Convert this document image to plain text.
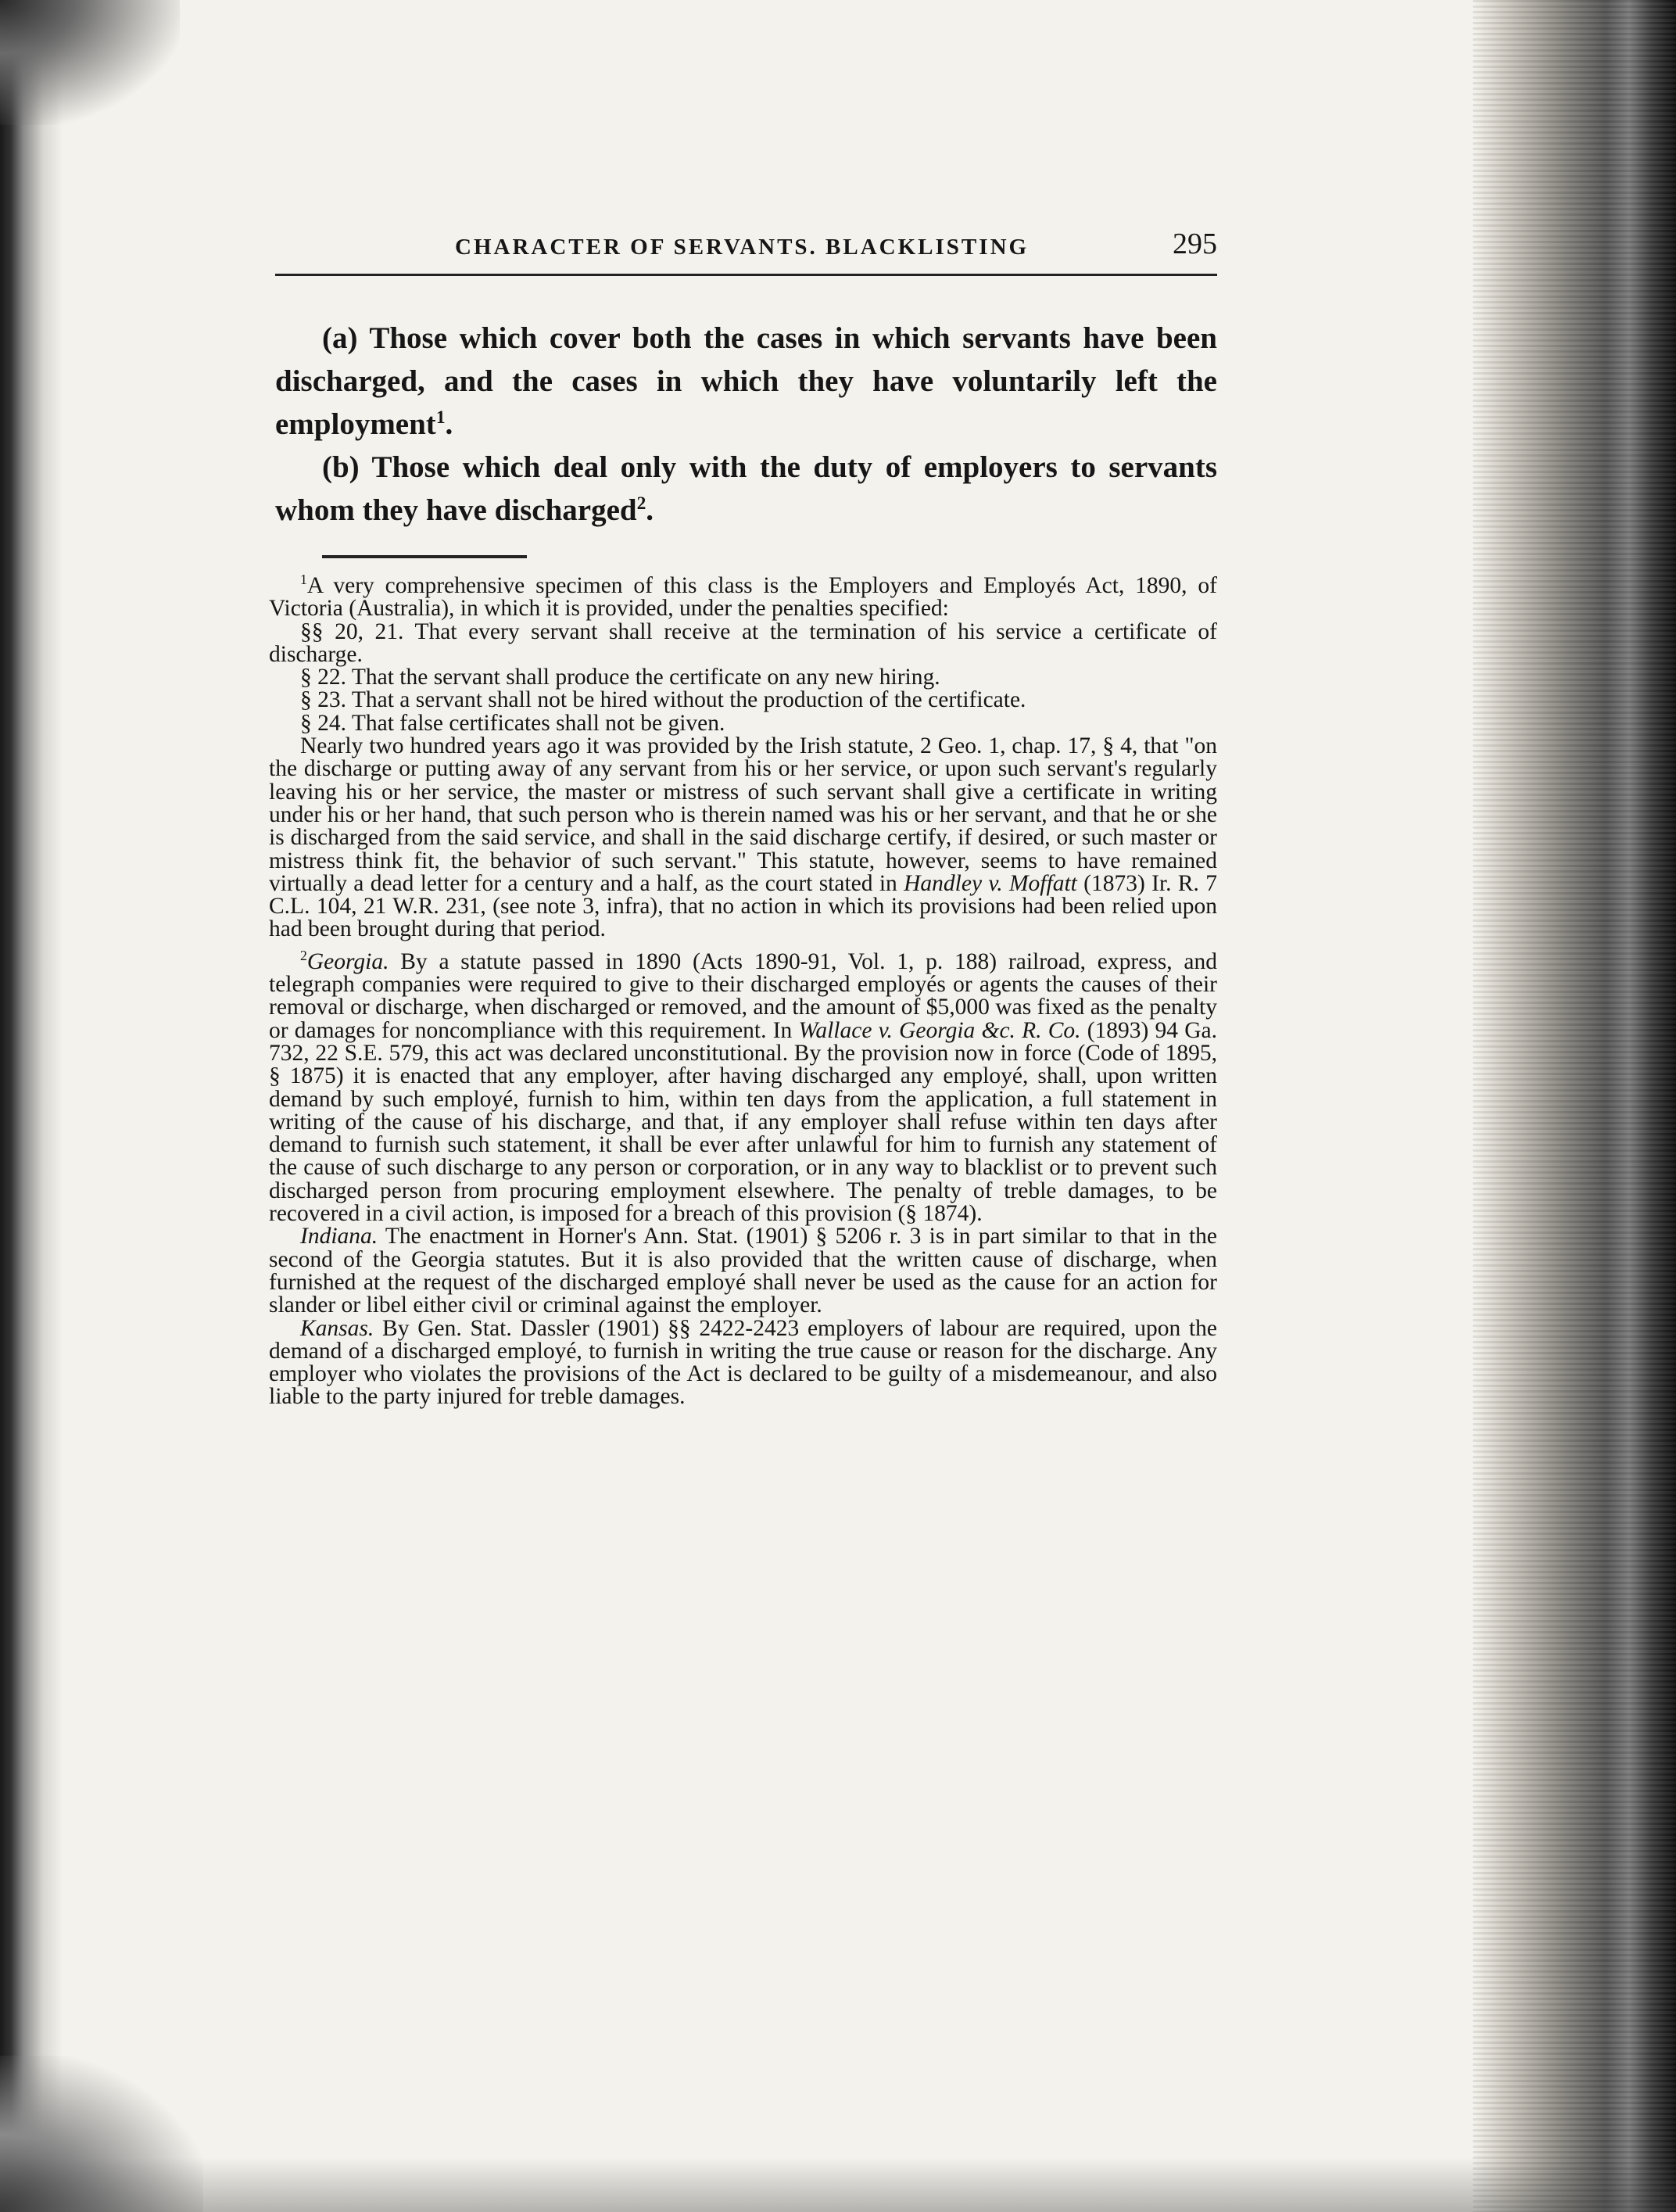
CHARACTER OF SERVANTS. BLACKLISTING	295

(a) Those which cover both the cases in which servants have been discharged, and the cases in which they have voluntarily left the employment$^1$.

(b) Those which deal only with the duty of employers to servants whom they have discharged$^2$.

$^1$A very comprehensive specimen of this class is the Employers and Employés Act, 1890, of Victoria (Australia), in which it is provided, under the penalties specified:

§§ 20, 21. That every servant shall receive at the termination of his service a certificate of discharge.

§ 22. That the servant shall produce the certificate on any new hiring.

§ 23. That a servant shall not be hired without the production of the certificate.

§ 24. That false certificates shall not be given.

Nearly two hundred years ago it was provided by the Irish statute, 2 Geo. 1, chap. 17, § 4, that "on the discharge or putting away of any servant from his or her service, or upon such servant's regularly leaving his or her service, the master or mistress of such servant shall give a certificate in writing under his or her hand, that such person who is therein named was his or her servant, and that he or she is discharged from the said service, and shall in the said discharge certify, if desired, or such master or mistress think fit, the behavior of such servant." This statute, however, seems to have remained virtually a dead letter for a century and a half, as the court stated in Handley v. Moffatt (1873) Ir. R. 7 C.L. 104, 21 W.R. 231, (see note 3, infra), that no action in which its provisions had been relied upon had been brought during that period.

$^2$Georgia. By a statute passed in 1890 (Acts 1890-91, Vol. 1, p. 188) railroad, express, and telegraph companies were required to give to their discharged employés or agents the causes of their removal or discharge, when discharged or removed, and the amount of $5,000 was fixed as the penalty or damages for noncompliance with this requirement. In Wallace v. Georgia &c. R. Co. (1893) 94 Ga. 732, 22 S.E. 579, this act was declared unconstitutional. By the provision now in force (Code of 1895, § 1875) it is enacted that any employer, after having discharged any employé, shall, upon written demand by such employé, furnish to him, within ten days from the application, a full statement in writing of the cause of his discharge, and that, if any employer shall refuse within ten days after demand to furnish such statement, it shall be ever after unlawful for him to furnish any statement of the cause of such discharge to any person or corporation, or in any way to blacklist or to prevent such discharged person from procuring employment elsewhere. The penalty of treble damages, to be recovered in a civil action, is imposed for a breach of this provision (§ 1874).

Indiana. The enactment in Horner's Ann. Stat. (1901) § 5206 r. 3 is in part similar to that in the second of the Georgia statutes. But it is also provided that the written cause of discharge, when furnished at the request of the discharged employé shall never be used as the cause for an action for slander or libel either civil or criminal against the employer.

Kansas. By Gen. Stat. Dassler (1901) §§ 2422-2423 employers of labour are required, upon the demand of a discharged employé, to furnish in writing the true cause or reason for the discharge. Any employer who violates the provisions of the Act is declared to be guilty of a misdemeanour, and also liable to the party injured for treble damages.
